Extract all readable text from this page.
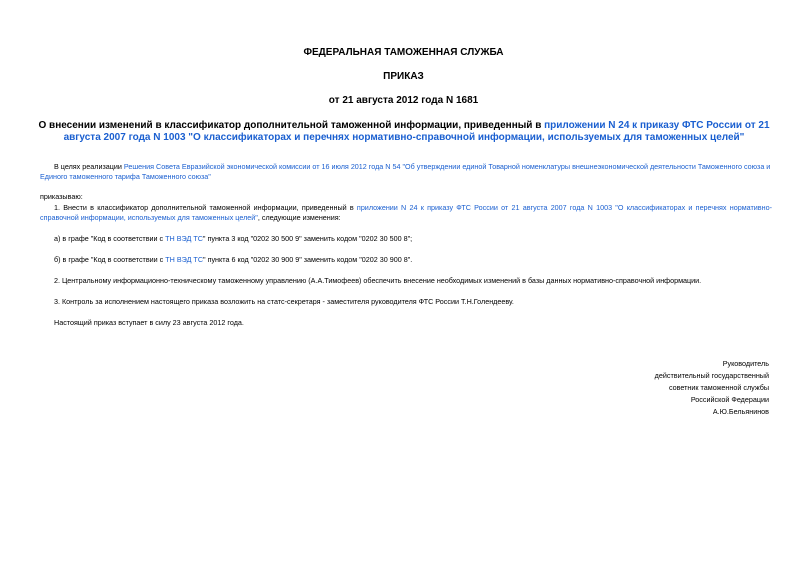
ФЕДЕРАЛЬНАЯ ТАМОЖЕННАЯ СЛУЖБА
ПРИКАЗ
от 21 августа 2012 года N 1681
О внесении изменений в классификатор дополнительной таможенной информации, приведенный в приложении N 24 к приказу ФТС России от 21 августа 2007 года N 1003 "О классификаторах и перечнях нормативно-справочной информации, используемых для таможенных целей"
В целях реализации Решения Совета Евразийской экономической комиссии от 16 июля 2012 года N 54 "Об утверждении единой Товарной номенклатуры внешнеэкономической деятельности Таможенного союза и Единого таможенного тарифа Таможенного союза"
приказываю:
1. Внести в классификатор дополнительной таможенной информации, приведенный в приложении N 24 к приказу ФТС России от 21 августа 2007 года N 1003 "О классификаторах и перечнях нормативно-справочной информации, используемых для таможенных целей", следующие изменения:
а) в графе "Код в соответствии с ТН ВЭД ТС" пункта 3 код "0202 30 500 9" заменить кодом "0202 30 500 8";
б) в графе "Код в соответствии с ТН ВЭД ТС" пункта 6 код "0202 30 900 9" заменить кодом "0202 30 900 8".
2. Центральному информационно-техническому таможенному управлению (А.А.Тимофеев) обеспечить внесение необходимых изменений в базы данных нормативно-справочной информации.
3. Контроль за исполнением настоящего приказа возложить на статс-секретаря - заместителя руководителя ФТС России Т.Н.Голендееву.
Настоящий приказ вступает в силу 23 августа 2012 года.
Руководитель
действительный государственный
советник таможенной службы
Российской Федерации
А.Ю.Бельянинов
